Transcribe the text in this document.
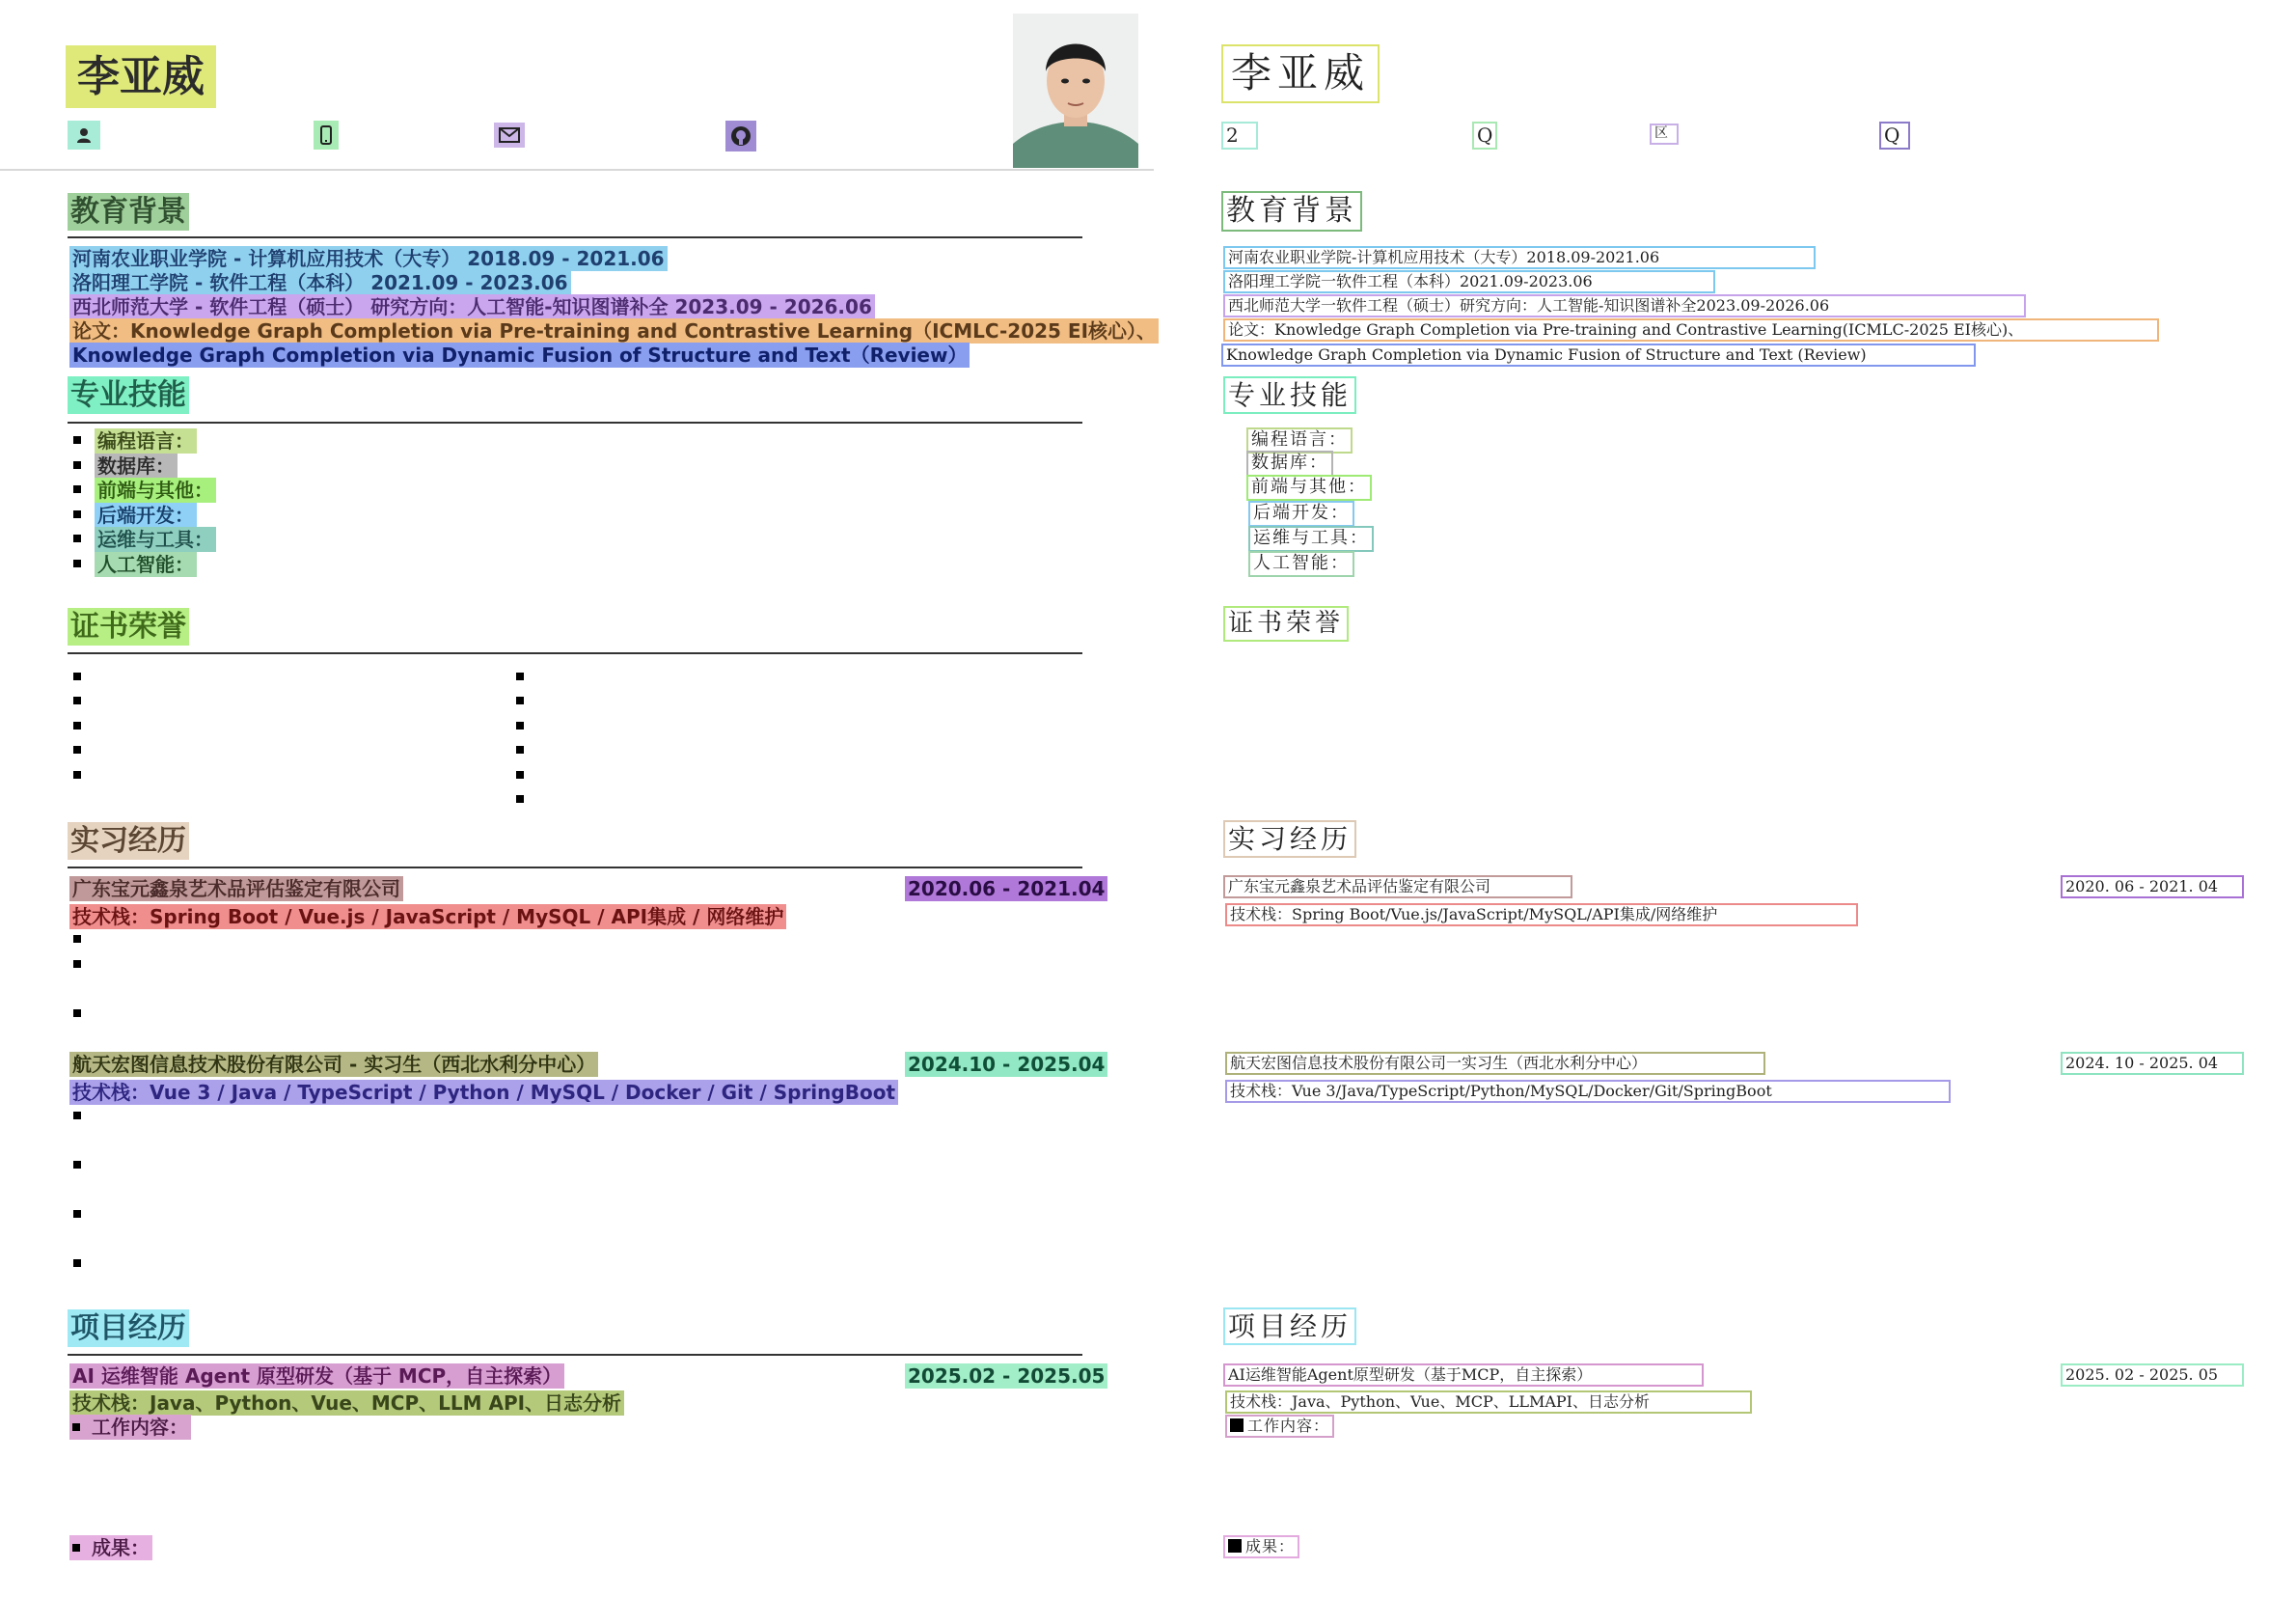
李亚威
教育背景
河南农业职业学院 - 计算机应用技术（大专） 2018.09 - 2021.06
洛阳理工学院 - 软件工程（本科） 2021.09 - 2023.06
西北师范大学 - 软件工程（硕士） 研究方向：人工智能-知识图谱补全 2023.09 - 2026.06
论文：Knowledge Graph Completion via Pre-training and Contrastive Learning（ICMLC-2025 EI核心）、
Knowledge Graph Completion via Dynamic Fusion of Structure and Text（Review）
专业技能
编程语言：
数据库：
前端与其他：
后端开发：
运维与工具：
人工智能：
证书荣誉
实习经历
广东宝元鑫泉艺术品评估鉴定有限公司	2020.06 - 2021.04
技术栈：Spring Boot / Vue.js / JavaScript / MySQL / API集成 / 网络维护
航天宏图信息技术股份有限公司 - 实习生（西北水利分中心）	2024.10 - 2025.04
技术栈：Vue 3 / Java / TypeScript / Python / MySQL / Docker / Git / SpringBoot
项目经历
AI 运维智能 Agent 原型研发（基于 MCP，自主探索）	2025.02 - 2025.05
技术栈：Java、Python、Vue、MCP、LLM API、日志分析
工作内容：
成果：
李亚威
2	Q	区	Q
教育背景
河南农业职业学院-计算机应用技术（大专）2018.09-2021.06
洛阳理工学院一软件工程（本科）2021.09-2023.06
西北师范大学一软件工程（硕士）研究方向：人工智能-知识图谱补全2023.09-2026.06
论文：Knowledge Graph Completion via Pre-training and Contrastive Learning(ICMLC-2025 EI核心)、
Knowledge Graph Completion via Dynamic Fusion of Structure and Text (Review)
专业技能
编程语言：
数据库：
前端与其他：
后端开发：
运维与工具：
人工智能：
证书荣誉
实习经历
广东宝元鑫泉艺术品评估鉴定有限公司	2020. 06 - 2021. 04
技术栈：Spring Boot/Vue.js/JavaScript/MySQL/API集成/网络维护
航天宏图信息技术股份有限公司一实习生（西北水利分中心）	2024. 10 - 2025. 04
技术栈：Vue 3/Java/TypeScript/Python/MySQL/Docker/Git/SpringBoot
项目经历
AI运维智能Agent原型研发（基于MCP，自主探索）	2025. 02 - 2025. 05
技术栈：Java、Python、Vue、MCP、LLMAPI、日志分析
工作内容：
成果：
